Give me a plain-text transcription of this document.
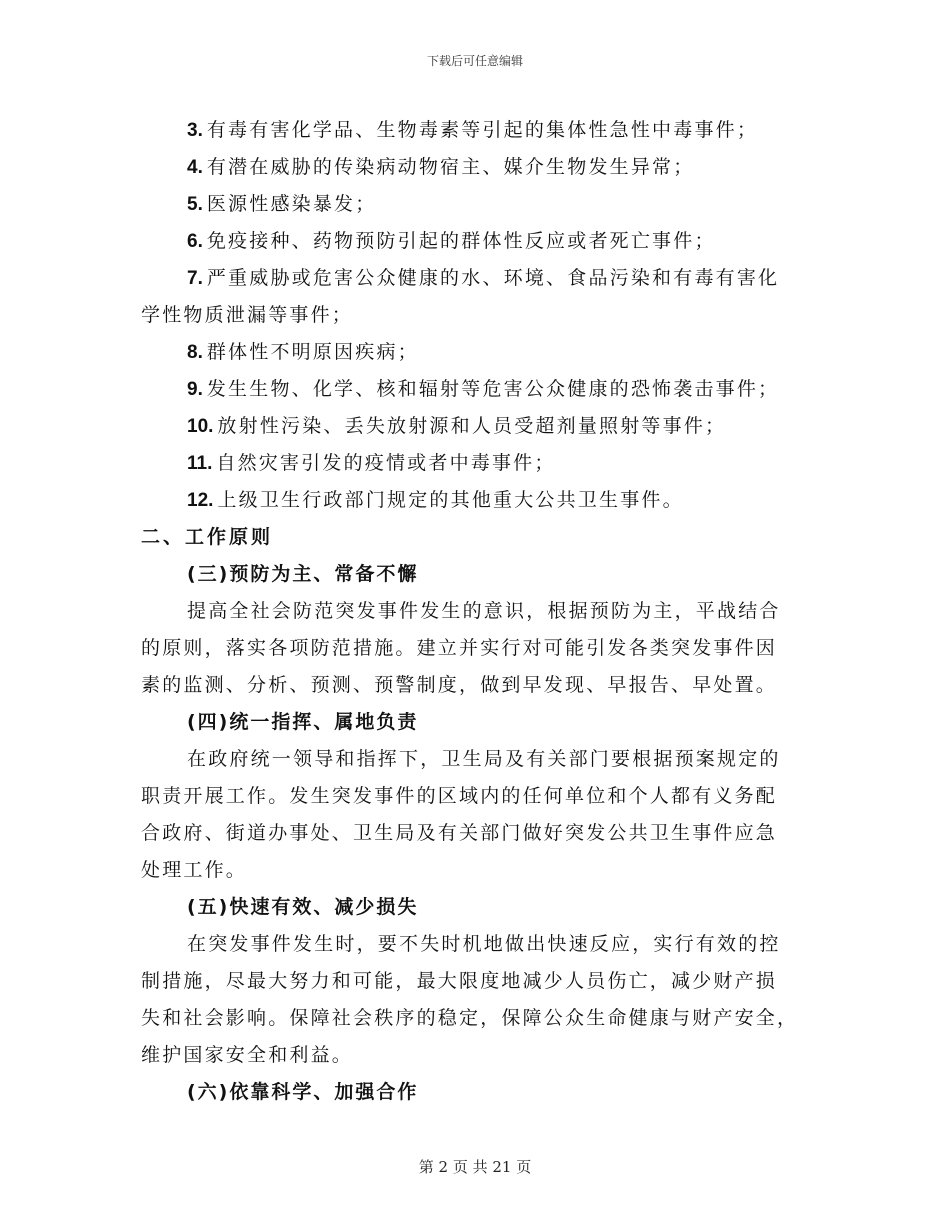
下载后可任意编辑
3. 有毒有害化学品、生物毒素等引起的集体性急性中毒事件；
4. 有潜在威胁的传染病动物宿主、媒介生物发生异常；
5. 医源性感染暴发；
6. 免疫接种、药物预防引起的群体性反应或者死亡事件；
7. 严重威胁或危害公众健康的水、环境、食品污染和有毒有害化
学性物质泄漏等事件；
8. 群体性不明原因疾病；
9. 发生生物、化学、核和辐射等危害公众健康的恐怖袭击事件；
10. 放射性污染、丢失放射源和人员受超剂量照射等事件；
11. 自然灾害引发的疫情或者中毒事件；
12. 上级卫生行政部门规定的其他重大公共卫生事件。
二、工作原则
(三)预防为主、常备不懈
提高全社会防范突发事件发生的意识，根据预防为主，平战结合
的原则，落实各项防范措施。建立并实行对可能引发各类突发事件因
素的监测、分析、预测、预警制度，做到早发现、早报告、早处置。
(四)统一指挥、属地负责
在政府统一领导和指挥下，卫生局及有关部门要根据预案规定的
职责开展工作。发生突发事件的区域内的任何单位和个人都有义务配
合政府、街道办事处、卫生局及有关部门做好突发公共卫生事件应急
处理工作。
(五)快速有效、减少损失
在突发事件发生时，要不失时机地做出快速反应，实行有效的控
制措施，尽最大努力和可能，最大限度地减少人员伤亡，减少财产损
失和社会影响。保障社会秩序的稳定，保障公众生命健康与财产安全，
维护国家安全和利益。
(六)依靠科学、加强合作
第 2 页 共 21 页
